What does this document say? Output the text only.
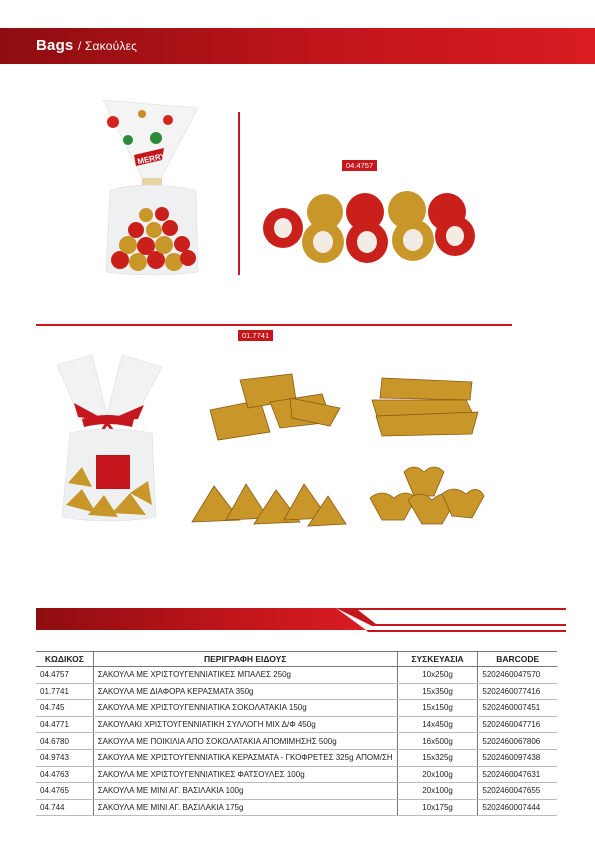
Bags / Σακούλες
MERRY	04.4757
01.7741
ΚΩΔΙΚΟΣ	ΠΕΡΙΓΡΑΦΗ ΕΙΔΟΥΣ	ΣΥΣΚΕΥΑΣΙΑ	BARCODE
04.4757	ΣΑΚΟΥΛΑ ΜΕ ΧΡΙΣΤΟΥΓΕΝΝΙΑΤΙΚΕΣ ΜΠΑΛΕΣ 250g	10x250g	5202460047570
01.7741	ΣΑΚΟΥΛΑ ΜΕ ΔΙΑΦΟΡΑ ΚΕΡΑΣΜΑΤΑ 350g	15x350g	5202460077416
04.745	ΣΑΚΟΥΛΑ ΜΕ ΧΡΙΣΤΟΥΓΕΝΝΙΑΤΙΚΑ ΣΟΚΟΛΑΤΑΚΙΑ 150g	15x150g	5202460007451
04.4771	ΣΑΚΟΥΛΑΚΙ ΧΡΙΣΤΟΥΓΕΝΝΙΑΤΙΚΗ ΣΥΛΛΟΓΗ ΜΙΧ Δ/Φ 450g	14x450g	5202460047716
04.6780	ΣΑΚΟΥΛΑ ΜΕ ΠΟΙΚΙΛΙΑ ΑΠΟ ΣΟΚΟΛΑΤΑΚΙΑ ΑΠΟΜΙΜΗΣΗΣ 500g	16x500g	5202460067806
04.9743	ΣΑΚΟΥΛΑ ΜΕ ΧΡΙΣΤΟΥΓΕΝΝΙΑΤΙΚΑ ΚΕΡΑΣΜΑΤΑ - ΓΚΟΦΡΕΤΕΣ 325g ΑΠΟΜ/ΣΗ	15x325g	5202460097438
04.4763	ΣΑΚΟΥΛΑ ΜΕ ΧΡΙΣΤΟΥΓΕΝΝΙΑΤΙΚΕΣ ΦΑΤΣΟΥΛΕΣ 100g	20x100g	5202460047631
04.4765	ΣΑΚΟΥΛΑ ΜΕ ΜΙΝΙ ΑΓ. ΒΑΣΙΛΑΚΙΑ 100g	20x100g	5202460047655
04.744	ΣΑΚΟΥΛΑ ΜΕ ΜΙΝΙ ΑΓ. ΒΑΣΙΛΑΚΙΑ 175g	10x175g	5202460007444
